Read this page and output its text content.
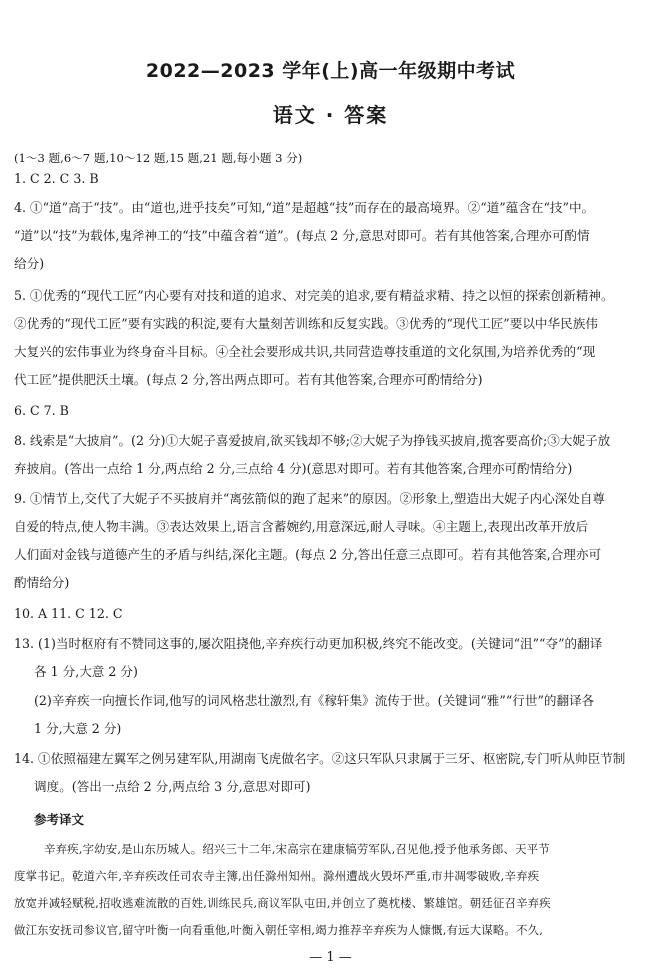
2022—2023 学年(上)高一年级期中考试
语文 · 答案
(1～3 题,6～7 题,10～12 题,15 题,21 题,每小题 3 分)
1. C 2. C 3. B
4. ①“道”高于“技”。由“道也,进乎技矣”可知,“道”是超越“技”而存在的最高境界。②“道”蕴含在“技”中。
“道”以“技”为载体,鬼斧神工的“技”中蕴含着“道”。(每点 2 分,意思对即可。若有其他答案,合理亦可酌情
给分)
5. ①优秀的“现代工匠”内心要有对技和道的追求、对完美的追求,要有精益求精、持之以恒的探索创新精神。
②优秀的“现代工匠”要有实践的积淀,要有大量刻苦训练和反复实践。③优秀的“现代工匠”要以中华民族伟
大复兴的宏伟事业为终身奋斗目标。④全社会要形成共识,共同营造尊技重道的文化氛围,为培养优秀的“现
代工匠”提供肥沃土壤。(每点 2 分,答出两点即可。若有其他答案,合理亦可酌情给分)
6. C 7. B
8. 线索是“大披肩”。(2 分)①大妮子喜爱披肩,欲买钱却不够;②大妮子为挣钱买披肩,揽客要高价;③大妮子放
弃披肩。(答出一点给 1 分,两点给 2 分,三点给 4 分)(意思对即可。若有其他答案,合理亦可酌情给分)
9. ①情节上,交代了大妮子不买披肩并“离弦箭似的跑了起来”的原因。②形象上,塑造出大妮子内心深处自尊
自爱的特点,使人物丰满。③表达效果上,语言含蓄婉约,用意深远,耐人寻味。④主题上,表现出改革开放后
人们面对金钱与道德产生的矛盾与纠结,深化主题。(每点 2 分,答出任意三点即可。若有其他答案,合理亦可
酌情给分)
10. A 11. C 12. C
13. (1)当时枢府有不赞同这事的,屡次阻挠他,辛弃疾行动更加积极,终究不能改变。(关键词“沮”“夺”的翻译
各 1 分,大意 2 分)
(2)辛弃疾一向擅长作词,他写的词风格悲壮激烈,有《稼轩集》流传于世。(关键词“雅”“行世”的翻译各
1 分,大意 2 分)
14. ①依照福建左翼军之例另建军队,用湖南飞虎做名字。②这只军队只隶属于三牙、枢密院,专门听从帅臣节制
调度。(答出一点给 2 分,两点给 3 分,意思对即可)
参考译文
辛弃疾,字幼安,是山东历城人。绍兴三十二年,宋高宗在建康犒劳军队,召见他,授予他承务郎、天平节
度掌书记。乾道六年,辛弃疾改任司农寺主簿,出任滁州知州。滁州遭战火毁坏严重,市井凋零破败,辛弃疾
放宽并减轻赋税,招收逃难流散的百姓,训练民兵,商议军队屯田,并创立了奠枕楼、繁雄馆。朝廷征召辛弃疾
做江东安抚司参议官,留守叶衡一向看重他,叶衡入朝任宰相,竭力推荐辛弃疾为人慷慨,有远大谋略。不久,
— 1 —
